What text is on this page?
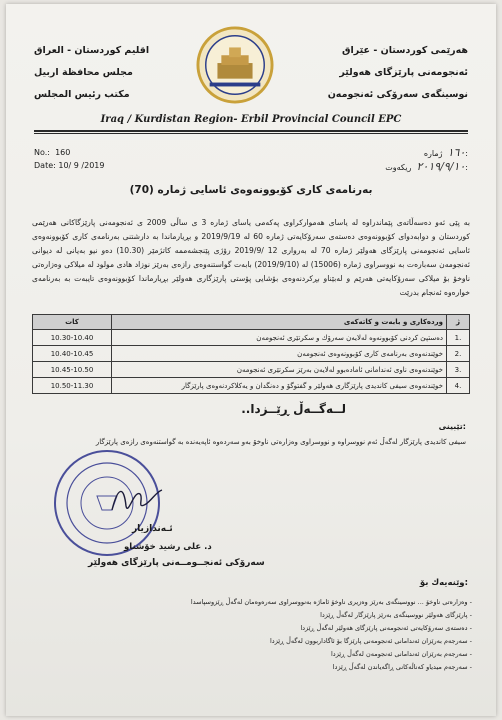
اقليم كوردستان - العراق
مجلس محافظة اربيل
مكتب رئيس المجلس
هەرێمی كوردستان - عێراق
ئەنجومەنی پارێزگای هەولێر
نوسینگەی سەرۆكی ئەنجومەن
Iraq / Kurdistan Region- Erbil Provincial Council EPC
No.: 160
Date: 10/ 9 /2019
١٦٠  ژمارە:
٢٠١٩/٩/١٠  ریكەوت:
بەرنامەی كاری كۆبوونەوەی ئاسایی ژمارە (70)
بە پێی ئەو دەسەڵاتەی پێماندراوە لە یاسای هەمواركراوی پەكەمی یاسای ژمارە 3 ی ساڵی 2009 ی ئەنجومەنی پارێزگاكانی هەرێمی كوردستان و دوابەدوای كۆبوونەوەی دەستەی سەرۆكایەتی ژمارە 60 لە 2019/9/19 و بڕیارماندا بە دارشتنی بەرنامەی كاری كۆبوونەوەی ئاسایی ئەنجومەنی پارێزگای هەولێر ژمارە 70 لە بەرواری 12 /2019/9 رۆژی پێنجشەممە كاتژمێر (10.30) دەو نیو بەیانی لە دیوانی ئەنجومەن سەبارەت بە نووسراوی ژمارە (15006) لە (2019/9/10) بابەت گواستنەوەی رازەی بەرێز نوزاد هادی مولود لە میلاكی وەزارەتی ناوخۆ بۆ میلاكی سەرۆكایەتی هەرێم و لەبێناو بڕكردنەوەی بۆشایی پۆستی پارێزگاری هەولێر بڕیارماندا كۆبوونەوەی تایبەت بە بەرنامەی خوارەوە ئەنجام بدرێت
كات	وردەكاری و بابەت و كاتەكەی	ژ
10.30-10.40	دەستپێ كردنی كۆبوونەوە لەلایەن سەرۆك و سكرتێری ئەنجومەن	1.
10.40-10.45	خوێندنەوەی بەرنامەی كاری كۆبوونەوەی ئەنجومەن	2.
10.45-10.50	خوێندنەوەی ناوی ئەندامانی ئامادەبوو لەلایەن بەرێز سكرتێری ئەنجومەن	3.
10.50-11.30	خوێندنەوەی سیفی كاندیدی پارێزگاری هەولێر و گفتوگۆ و دەنگدان و یەكلاكردنەوەی پارێزگار	4.
لــەگــەڵ ڕێــزدا..
تێبینی:
سیفی كاندیدی پارێزگار لەگەڵ ئەم نووسراوە و نووسراوی وەزارەتی ناوخۆ بەو سەردەوە ئاپەیەندە بە گواستنەوەی رازەی پارێزگار
ئـه‌ندازیار
د. علی رشید خۆشناو
سەرۆكی ئەنجــومــەنی پارێزگای هەولێر
وێنەیەك بۆ:
- وەزارەتی ناوخۆ ... نووسینگەی بەرێز وەزیری ناوخۆ ئاماژە بەنووسراوی سەرەوەمان لەگەڵ ڕێزوسپاسدا
- پارێزگای هەولێر نووسینگەی بەرێز پارێزگار لەگەڵ ڕێزدا
- دەستەی سەرۆكایەتی ئەنجومەنی پارێزگای هەولێر لەگەڵ ڕێزدا
- سەرجەم بەرێزان ئەندامانی ئەنجومەنی پارێزگا بۆ ئاگاداربوون لەگەڵ ڕێزدا
- سەرجەم بەرێزان ئەندامانی ئەنجومەن لەگەڵ ڕێزدا
- سەرجەم میدیاو كەناڵەكانی ڕاگەیاندن لەگەڵ ڕێزدا
